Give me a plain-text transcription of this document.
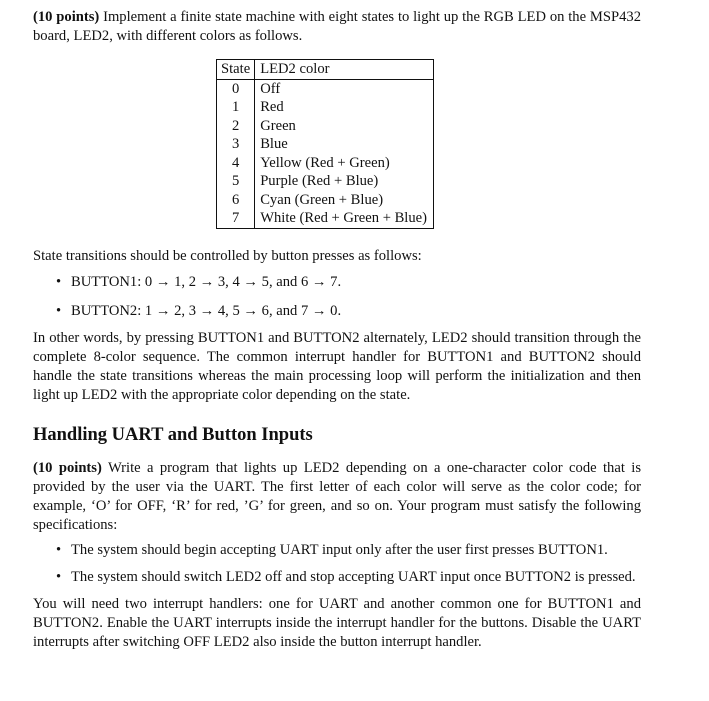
(10 points) Implement a finite state machine with eight states to light up the RGB LED on the MSP432 board, LED2, with different colors as follows.

State	LED2 color
0	Off
1	Red
2	Green
3	Blue
4	Yellow (Red + Green)
5	Purple (Red + Blue)
6	Cyan (Green + Blue)
7	White (Red + Green + Blue)

State transitions should be controlled by button presses as follows:

• BUTTON1: 0 → 1, 2 → 3, 4 → 5, and 6 → 7.
• BUTTON2: 1 → 2, 3 → 4, 5 → 6, and 7 → 0.

In other words, by pressing BUTTON1 and BUTTON2 alternately, LED2 should transition through the complete 8-color sequence. The common interrupt handler for BUTTON1 and BUTTON2 should handle the state transitions whereas the main processing loop will perform the initialization and then light up LED2 with the appropriate color depending on the state.

Handling UART and Button Inputs

(10 points) Write a program that lights up LED2 depending on a one-character color code that is provided by the user via the UART. The first letter of each color will serve as the color code; for example, ‘O’ for OFF, ‘R’ for red, ’G’ for green, and so on. Your program must satisfy the following specifications:

• The system should begin accepting UART input only after the user first presses BUTTON1.
• The system should switch LED2 off and stop accepting UART input once BUTTON2 is pressed.

You will need two interrupt handlers: one for UART and another common one for BUTTON1 and BUTTON2. Enable the UART interrupts inside the interrupt handler for the buttons. Disable the UART interrupts after switching OFF LED2 also inside the button interrupt handler.
